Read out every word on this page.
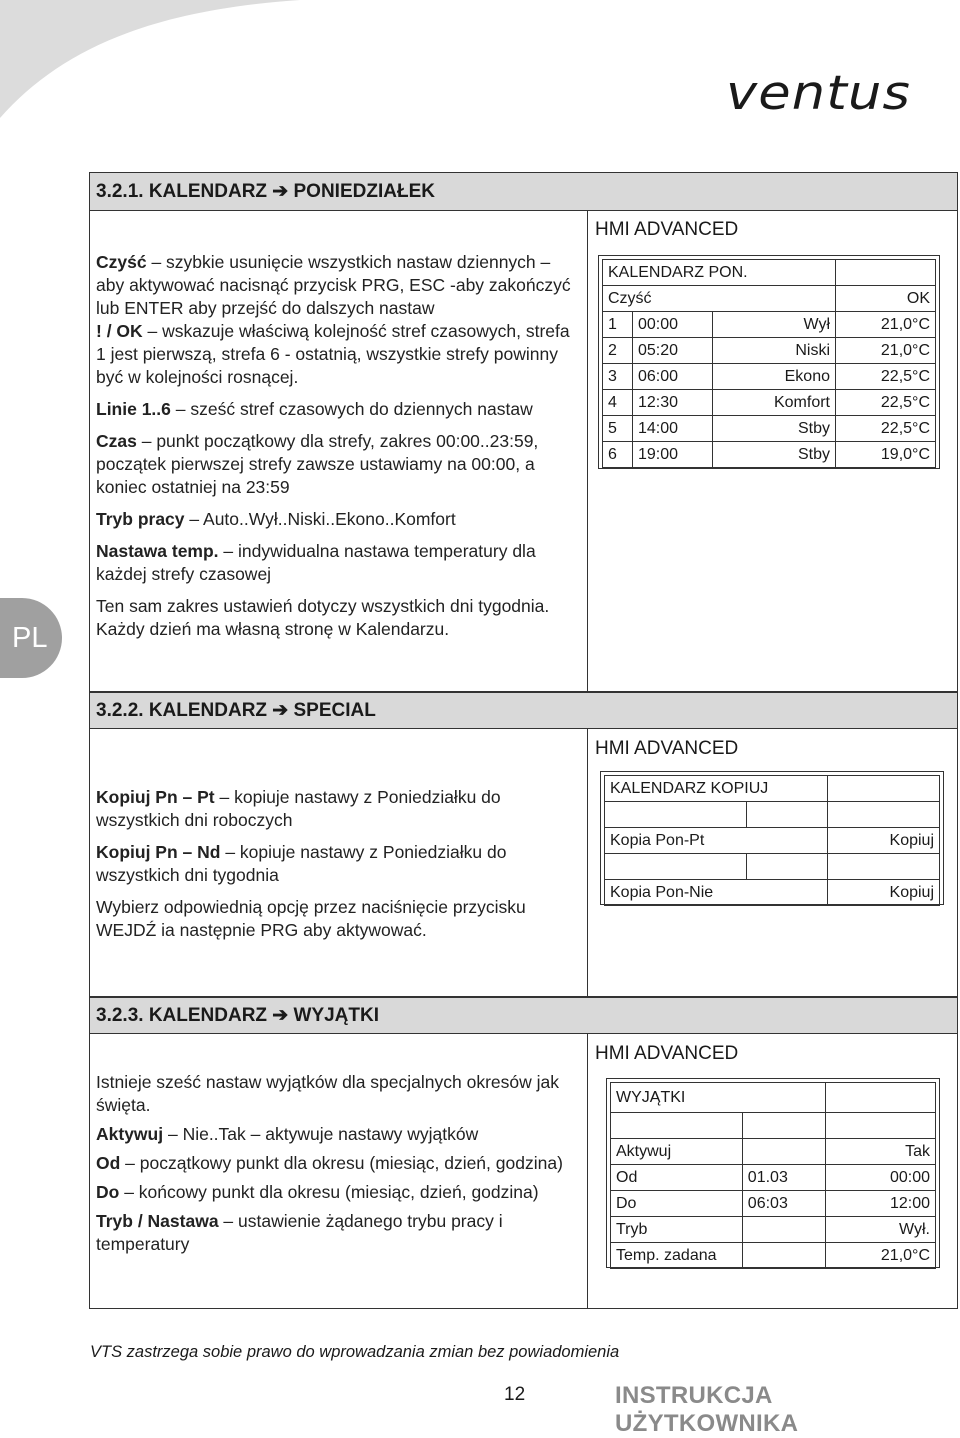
ventus
PL
3.2.1. KALENDARZ ➔ PONIEDZIAŁEK
HMI ADVANCED

Czyść – szybkie usunięcie wszystkich nastaw dziennych – aby aktywować nacisnąć przycisk PRG, ESC -aby zakończyć lub ENTER aby przejść do dalszych nastaw

! / OK – wskazuje właściwą kolejność stref czasowych, strefa 1 jest pierwszą, strefa 6 - ostatnią, wszystkie strefy powinny być w kolejności rosnącej.

Linie 1..6 – sześć stref czasowych do dziennych nastaw

Czas – punkt początkowy dla strefy, zakres 00:00..23:59, początek pierwszej strefy zawsze ustawiamy na 00:00, a koniec ostatniej na 23:59

Tryb pracy – Auto..Wył..Niski..Ekono..Komfort

Nastawa temp. – indywidualna nastawa temperatury dla każdej strefy czasowej

Ten sam zakres ustawień dotyczy wszystkich dni tygodnia. Każdy dzień ma własną stronę w Kalendarzu.

KALENDARZ PON.			
Czyść			OK
1	00:00	Wył	21,0°C
2	05:20	Niski	21,0°C
3	06:00	Ekono	22,5°C
4	12:30	Komfort	22,5°C
5	14:00	Stby	22,5°C
6	19:00	Stby	19,0°C
3.2.2. KALENDARZ ➔ SPECIAL
HMI ADVANCED

Kopiuj Pn – Pt – kopiuje nastawy z Poniedziałku do wszystkich dni roboczych

Kopiuj Pn – Nd – kopiuje nastawy z Poniedziałku do wszystkich dni tygodnia

Wybierz odpowiednią opcję przez naciśnięcie przycisku WEJDŹ ia następnie PRG aby aktywować.

KALENDARZ KOPIUJ		

Kopia Pon-Pt		Kopiuj

Kopia Pon-Nie		Kopiuj
3.2.3. KALENDARZ ➔ WYJĄTKI
HMI ADVANCED

Istnieje sześć nastaw wyjątków dla specjalnych okresów jak święta.

Aktywuj – Nie..Tak – aktywuje nastawy wyjątków

Od – początkowy punkt dla okresu (miesiąc, dzień, godzina)

Do – końcowy punkt dla okresu (miesiąc, dzień, godzina)

Tryb / Nastawa – ustawienie żądanego trybu pracy i temperatury

WYJĄTKI		

Aktywuj		Tak
Od	01.03	00:00
Do	06:03	12:00
Tryb		Wył.
Temp. zadana		21,0°C
VTS zastrzega sobie prawo do wprowadzania zmian bez powiadomienia
12	INSTRUKCJA UŻYTKOWNIKA
